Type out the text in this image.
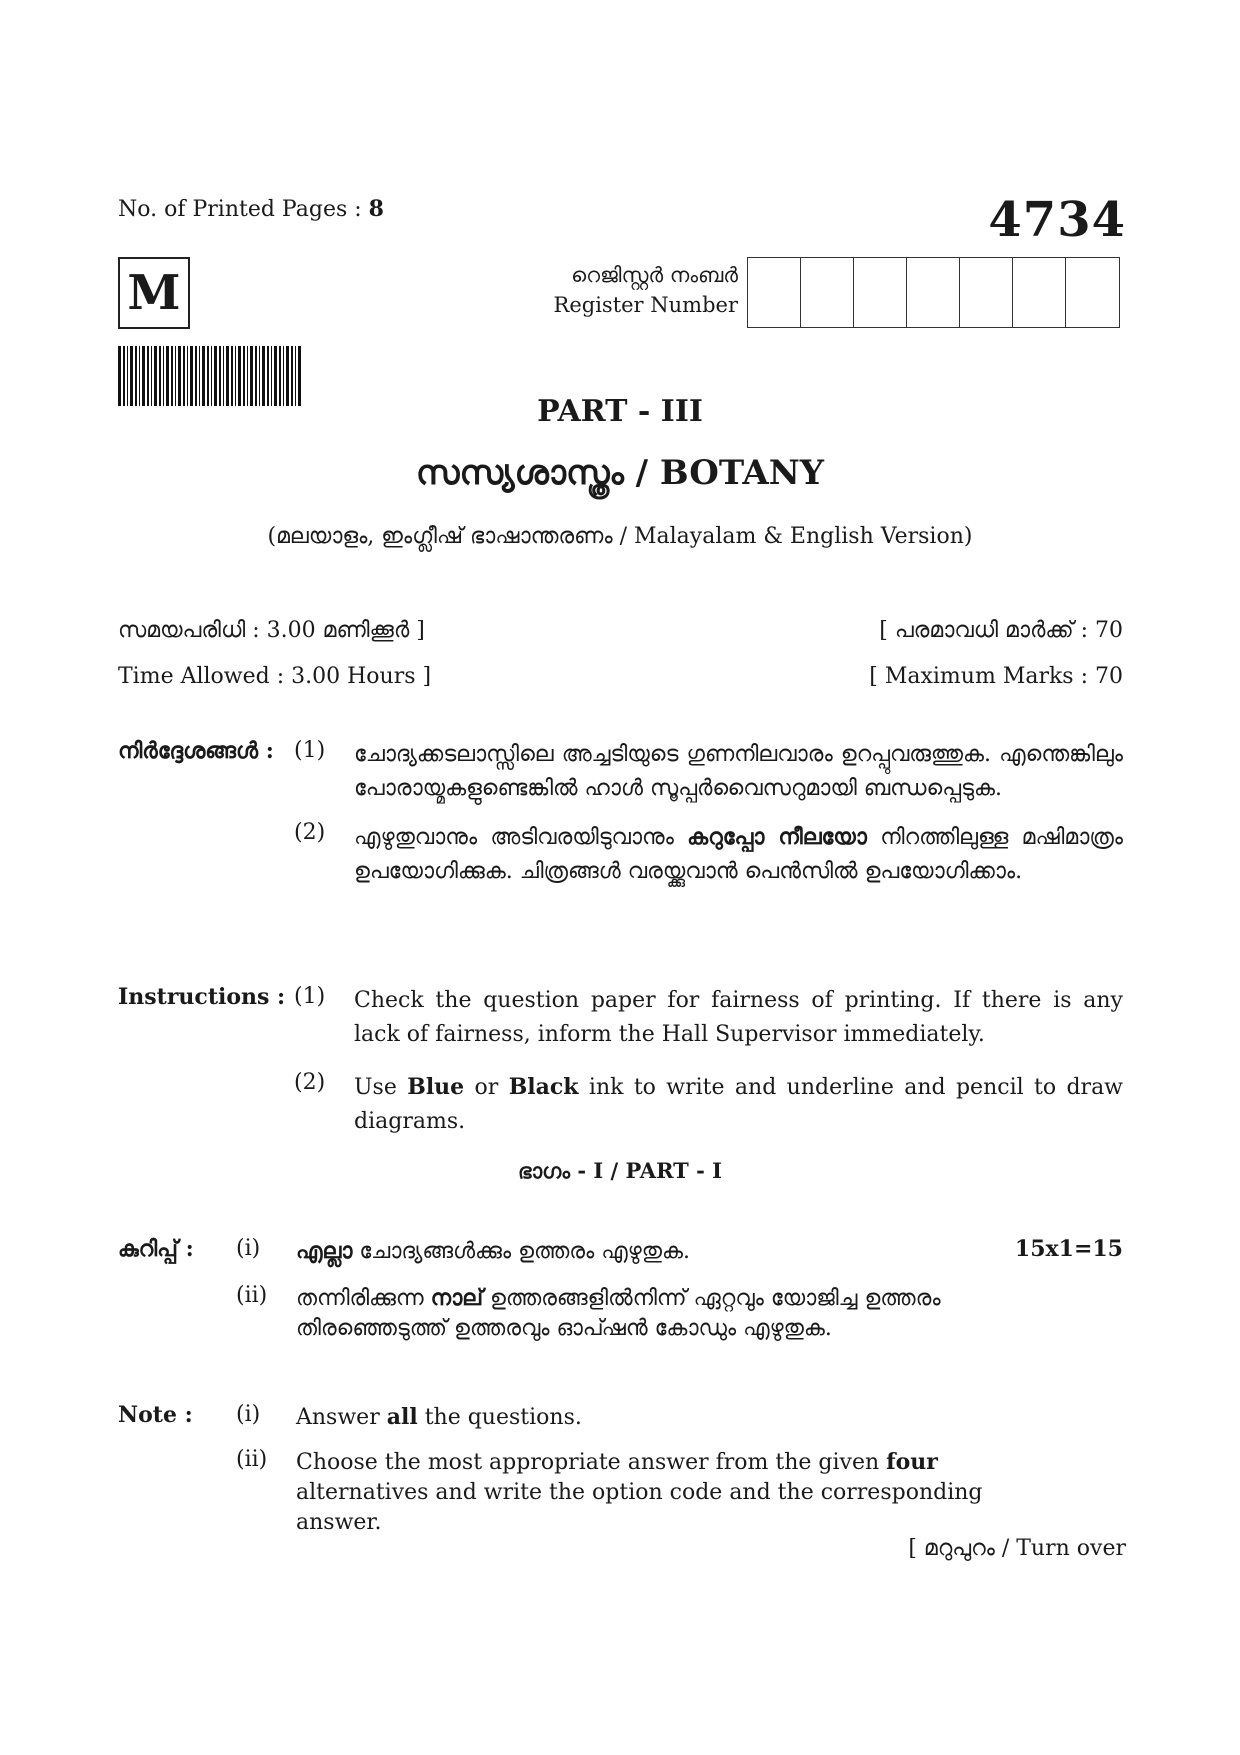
No. of Printed Pages : 8	4734
M	റെജിസ്റ്റർ നംബർ
Register Number
PART - III
സസ്യശാസ്ത്രം / BOTANY
(മലയാളം, ഇംഗ്ലീഷ് ഭാഷാന്തരണം / Malayalam & English Version)
സമയപരിധി : 3.00 മണിക്കൂർ ]	[ പരമാവധി മാർക്ക് : 70
Time Allowed : 3.00 Hours ]	[ Maximum Marks : 70
നിർദ്ദേശങ്ങൾ : (1)	ചോദ്യക്കടലാസ്സിലെ അച്ചടിയുടെ ഗുണനിലവാരം ഉറപ്പുവരുത്തുക. എന്തെങ്കിലും പോരായ്മകളുണ്ടെങ്കിൽ ഹാൾ സൂപ്പർവൈസറുമായി ബന്ധപ്പെടുക.
(2)	എഴുതുവാനും അടിവരയിടുവാനും കറുപ്പോ നീലയോ നിറത്തിലുള്ള മഷിമാത്രം ഉപയോഗിക്കുക. ചിത്രങ്ങൾ വരയ്ക്കുവാൻ പെൻസിൽ ഉപയോഗിക്കാം.
Instructions : (1)	Check the question paper for fairness of printing. If there is any lack of fairness, inform the Hall Supervisor immediately.
(2)	Use Blue or Black ink to write and underline and pencil to draw diagrams.
ഭാഗം - I / PART - I
കുറിപ്പ് :	(i)	എല്ലാ ചോദ്യങ്ങൾക്കും ഉത്തരം എഴുതുക.	15x1=15
(ii)	തന്നിരിക്കുന്ന നാല് ഉത്തരങ്ങളിൽനിന്ന് ഏറ്റവും യോജിച്ച ഉത്തരം തിരഞ്ഞെടുത്ത് ഉത്തരവും ഓപ്ഷൻ കോഡും എഴുതുക.
Note :	(i)	Answer all the questions.
(ii)	Choose the most appropriate answer from the given four alternatives and write the option code and the corresponding answer.
[ മറുപുറം / Turn over
